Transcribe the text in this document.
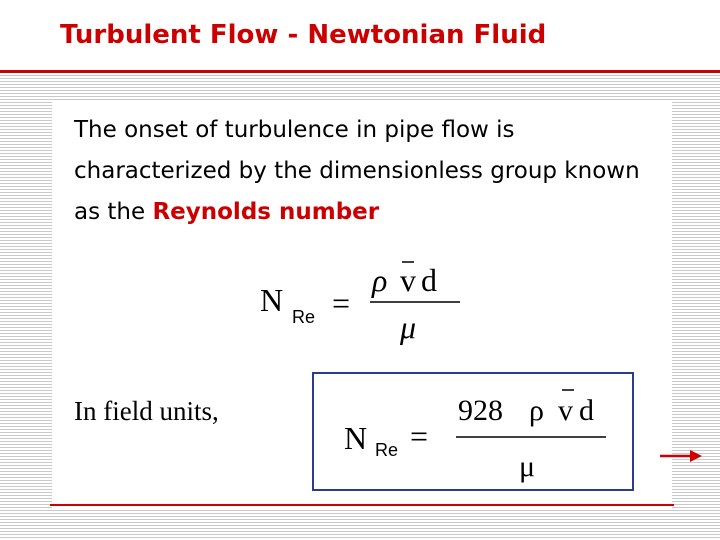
Turbulent Flow - Newtonian Fluid

The onset of turbulence in pipe flow is characterized by the dimensionless group known as the Reynolds number

N Re =
ρ v d
μ
In field units,
N Re =
928 ρ v d
μ
